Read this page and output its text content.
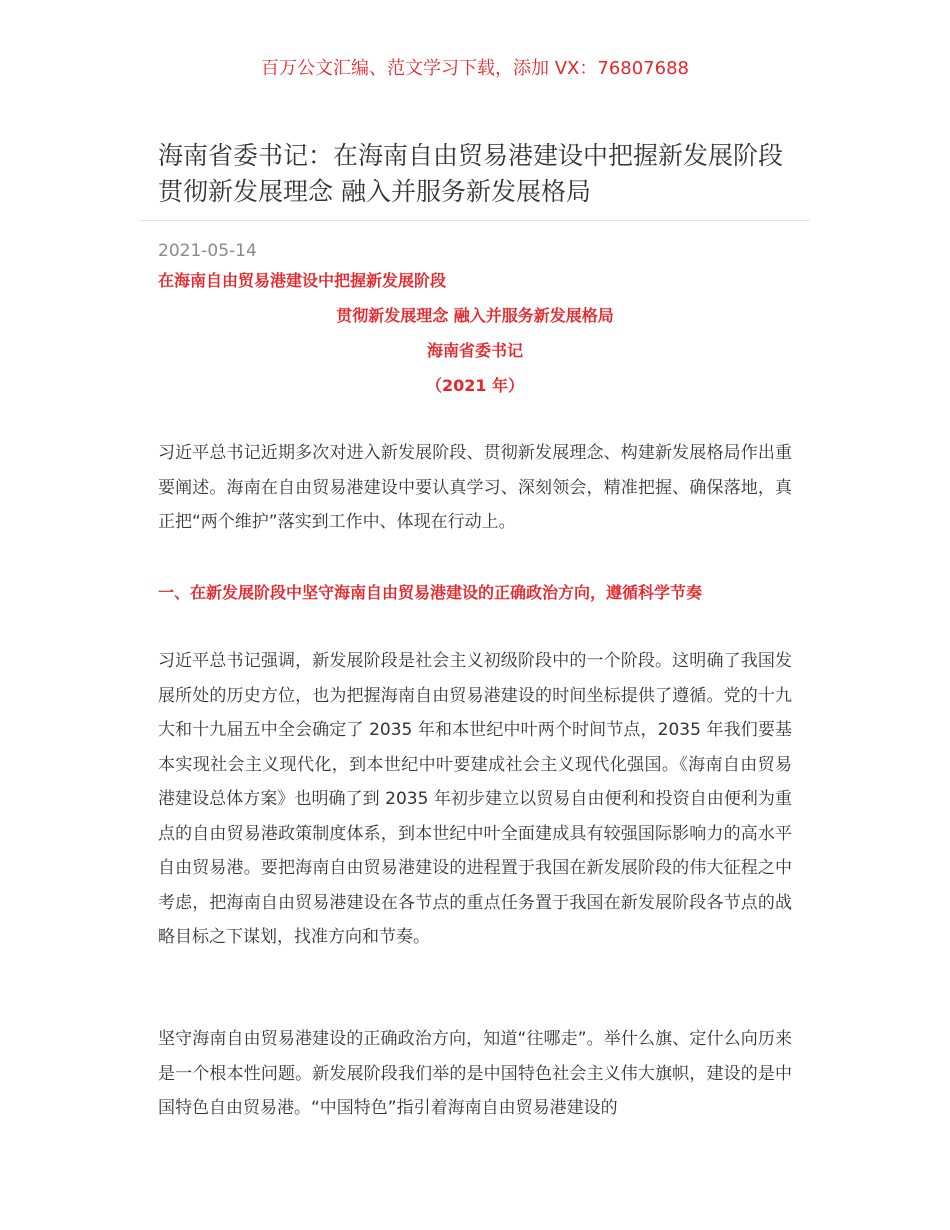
百万公文汇编、范文学习下载，添加 VX：76807688
海南省委书记：在海南自由贸易港建设中把握新发展阶段贯彻新发展理念 融入并服务新发展格局
2021-05-14
在海南自由贸易港建设中把握新发展阶段
贯彻新发展理念 融入并服务新发展格局
海南省委书记
（2021 年）

习近平总书记近期多次对进入新发展阶段、贯彻新发展理念、构建新发展格局作出重要阐述。海南在自由贸易港建设中要认真学习、深刻领会，精准把握、确保落地，真正把“两个维护”落实到工作中、体现在行动上。

一、在新发展阶段中坚守海南自由贸易港建设的正确政治方向，遵循科学节奏

习近平总书记强调，新发展阶段是社会主义初级阶段中的一个阶段。这明确了我国发展所处的历史方位，也为把握海南自由贸易港建设的时间坐标提供了遵循。党的十九大和十九届五中全会确定了 2035 年和本世纪中叶两个时间节点，2035 年我们要基本实现社会主义现代化，到本世纪中叶要建成社会主义现代化强国。《海南自由贸易港建设总体方案》也明确了到 2035 年初步建立以贸易自由便利和投资自由便利为重点的自由贸易港政策制度体系，到本世纪中叶全面建成具有较强国际影响力的高水平自由贸易港。要把海南自由贸易港建设的进程置于我国在新发展阶段的伟大征程之中考虑，把海南自由贸易港建设在各节点的重点任务置于我国在新发展阶段各节点的战略目标之下谋划，找准方向和节奏。

坚守海南自由贸易港建设的正确政治方向，知道“往哪走”。举什么旗、定什么向历来是一个根本性问题。新发展阶段我们举的是中国特色社会主义伟大旗帜，建设的是中国特色自由贸易港。“中国特色”指引着海南自由贸易港建设的
